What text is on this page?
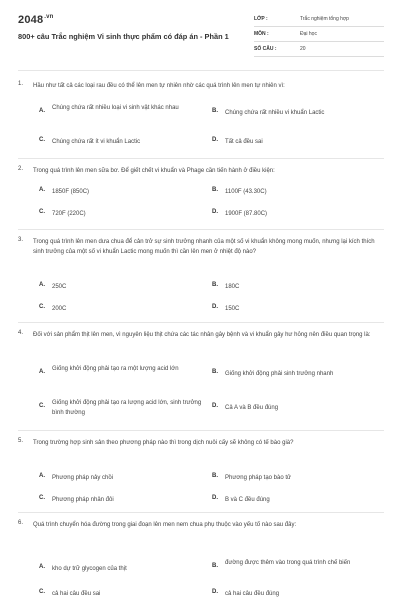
$2048^{.vn}$
800+ câu Trắc nghiệm Vi sinh thực phẩm có đáp án - Phần 1
LỚP :	Trắc nghiệm tổng hợp
MÔN :	Đại học
SỐ CÂU :	20
1. Hầu như tất cả các loại rau đều có thể lên men tự nhiên nhờ các quá trình lên men tự nhiên vì:
A. Chúng chứa rất nhiều loại vi sinh vật khác nhau	B. Chúng chứa rất nhiều vi khuẩn Lactic
C. Chúng chứa rất ít vi khuẩn Lactic	D. Tất cả đều sai
2. Trong quá trình lên men sữa bơ. Để giết chết vi khuẩn và Phage cần tiến hành ở điều kiện:
A. 1850F (850C)	B. 1100F (43.30C)
C. 720F (220C)	D. 1900F (87.80C)
3. Trong quá trình lên men dưa chua để cản trở sự sinh trưởng nhanh của một số vi khuẩn không mong muốn, nhưng lại kích thích sinh trưởng của một số vi khuẩn Lactic mong muốn thì cần lên men ở nhiệt độ nào?
A. 250C	B. 180C
C. 200C	D. 150C
4. Đối với sản phẩm thịt lên men, vì nguyên liệu thịt chứa các tác nhân gây bệnh và vi khuẩn gây hư hỏng nên điều quan trọng là:
A. Giống khởi động phải tạo ra một lượng acid lớn	B. Giống khởi động phải sinh trưởng nhanh
C. Giống khởi động phải tạo ra lượng acid lớn, sinh trưởng bình thường
D. Cả A và B đều đúng
5. Trong trường hợp sinh sản theo phương pháp nào thì trong dịch nuôi cấy sẽ không có tế bào già?
A. Phương pháp nảy chồi	B. Phương pháp tạo bào tử
C. Phương pháp nhân đôi	D. B và C đều đúng
6. Quá trình chuyển hóa đường trong giai đoạn lên men nem chua phụ thuộc vào yếu tố nào sau đây:
A. kho dự trữ glycogen của thịt	B. đường được thêm vào trong quá trình chế biến
C. cả hai câu đều sai	D. cả hai câu đều đúng
